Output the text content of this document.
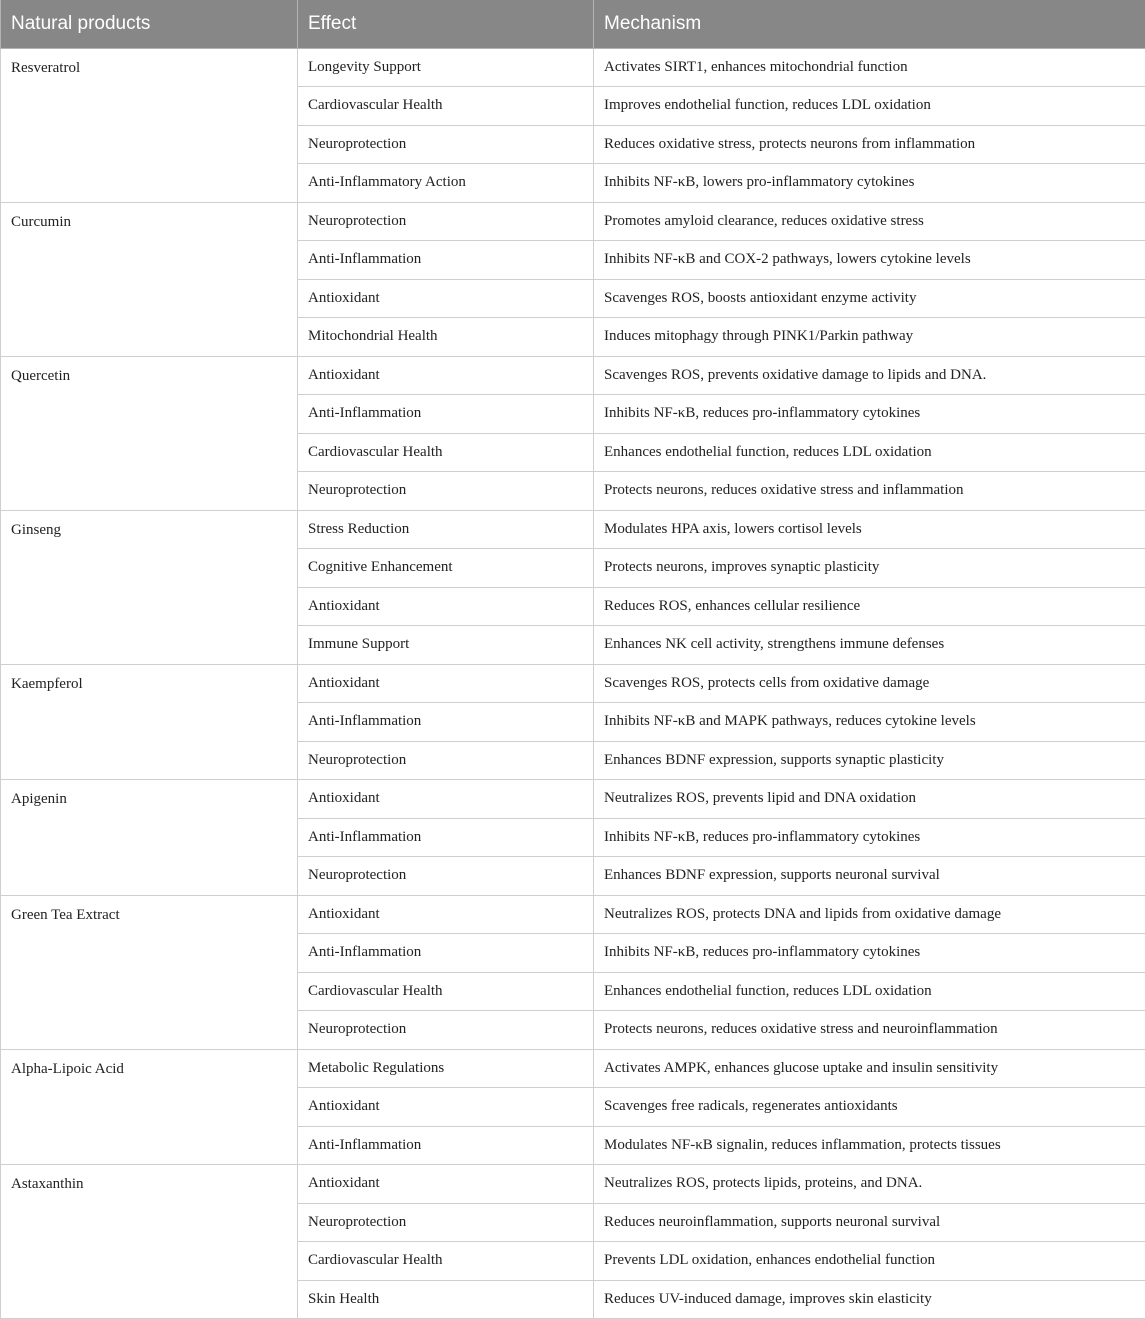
Natural products	Effect	Mechanism
Resveratrol	Longevity Support	Activates SIRT1, enhances mitochondrial function
	Cardiovascular Health	Improves endothelial function, reduces LDL oxidation
	Neuroprotection	Reduces oxidative stress, protects neurons from inflammation
	Anti-Inflammatory Action	Inhibits NF-κB, lowers pro-inflammatory cytokines
Curcumin	Neuroprotection	Promotes amyloid clearance, reduces oxidative stress
	Anti-Inflammation	Inhibits NF-κB and COX-2 pathways, lowers cytokine levels
	Antioxidant	Scavenges ROS, boosts antioxidant enzyme activity
	Mitochondrial Health	Induces mitophagy through PINK1/Parkin pathway
Quercetin	Antioxidant	Scavenges ROS, prevents oxidative damage to lipids and DNA.
	Anti-Inflammation	Inhibits NF-κB, reduces pro-inflammatory cytokines
	Cardiovascular Health	Enhances endothelial function, reduces LDL oxidation
	Neuroprotection	Protects neurons, reduces oxidative stress and inflammation
Ginseng	Stress Reduction	Modulates HPA axis, lowers cortisol levels
	Cognitive Enhancement	Protects neurons, improves synaptic plasticity
	Antioxidant	Reduces ROS, enhances cellular resilience
	Immune Support	Enhances NK cell activity, strengthens immune defenses
Kaempferol	Antioxidant	Scavenges ROS, protects cells from oxidative damage
	Anti-Inflammation	Inhibits NF-κB and MAPK pathways, reduces cytokine levels
	Neuroprotection	Enhances BDNF expression, supports synaptic plasticity
Apigenin	Antioxidant	Neutralizes ROS, prevents lipid and DNA oxidation
	Anti-Inflammation	Inhibits NF-κB, reduces pro-inflammatory cytokines
	Neuroprotection	Enhances BDNF expression, supports neuronal survival
Green Tea Extract	Antioxidant	Neutralizes ROS, protects DNA and lipids from oxidative damage
	Anti-Inflammation	Inhibits NF-κB, reduces pro-inflammatory cytokines
	Cardiovascular Health	Enhances endothelial function, reduces LDL oxidation
	Neuroprotection	Protects neurons, reduces oxidative stress and neuroinflammation
Alpha-Lipoic Acid	Metabolic Regulations	Activates AMPK, enhances glucose uptake and insulin sensitivity
	Antioxidant	Scavenges free radicals, regenerates antioxidants
	Anti-Inflammation	Modulates NF-κB signalin, reduces inflammation, protects tissues
Astaxanthin	Antioxidant	Neutralizes ROS, protects lipids, proteins, and DNA.
	Neuroprotection	Reduces neuroinflammation, supports neuronal survival
	Cardiovascular Health	Prevents LDL oxidation, enhances endothelial function
	Skin Health	Reduces UV-induced damage, improves skin elasticity
